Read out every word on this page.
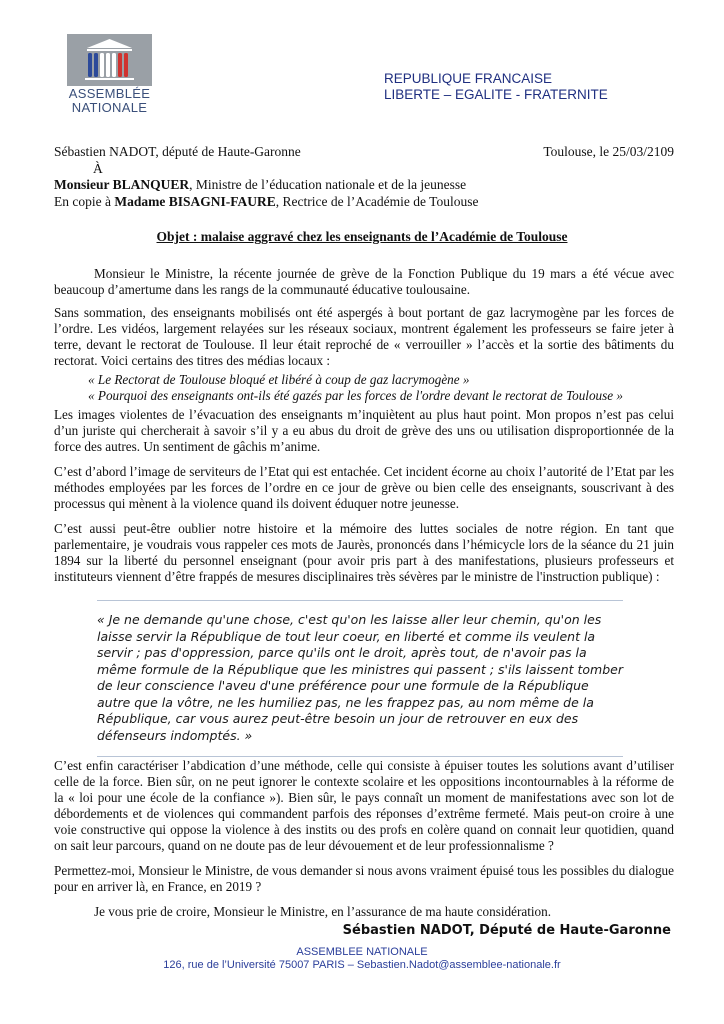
ASSEMBLÉE
NATIONALE
REPUBLIQUE FRANCAISE
LIBERTE – EGALITE - FRATERNITE
Sébastien NADOT, député de Haute-Garonne	Toulouse, le 25/03/2109
À
Monsieur BLANQUER, Ministre de l’éducation nationale et de la jeunesse
En copie à Madame BISAGNI-FAURE, Rectrice de l’Académie de Toulouse
Objet : malaise aggravé chez les enseignants de l’Académie de Toulouse

Monsieur le Ministre, la récente journée de grève de la Fonction Publique du 19 mars a été vécue avec beaucoup d’amertume dans les rangs de la communauté éducative toulousaine.

Sans sommation, des enseignants mobilisés ont été aspergés à bout portant de gaz lacrymogène par les forces de l’ordre. Les vidéos, largement relayées sur les réseaux sociaux, montrent également les professeurs se faire jeter à terre, devant le rectorat de Toulouse. Il leur était reproché de « verrouiller » l’accès et la sortie des bâtiments du rectorat. Voici certains des titres des médias locaux :

« Le Rectorat de Toulouse bloqué et libéré à coup de gaz lacrymogène »

« Pourquoi des enseignants ont-ils été gazés par les forces de l'ordre devant le rectorat de Toulouse »

Les images violentes de l’évacuation des enseignants m’inquiètent au plus haut point. Mon propos n’est pas celui d’un juriste qui chercherait à savoir s’il y a eu abus du droit de grève des uns ou utilisation disproportionnée de la force des autres. Un sentiment de gâchis m’anime.

C’est d’abord l’image de serviteurs de l’Etat qui est entachée. Cet incident écorne au choix l’autorité de l’Etat par les méthodes employées par les forces de l’ordre en ce jour de grève ou bien celle des enseignants, souscrivant à des processus qui mènent à la violence quand ils doivent éduquer notre jeunesse.

C’est aussi peut-être oublier notre histoire et la mémoire des luttes sociales de notre région. En tant que parlementaire, je voudrais vous rappeler ces mots de Jaurès, prononcés dans l’hémicycle lors de la séance du 21 juin 1894 sur la liberté du personnel enseignant (pour avoir pris part à des manifestations, plusieurs professeurs et instituteurs viennent d’être frappés de mesures disciplinaires très sévères par le ministre de l'instruction publique) :

« Je ne demande qu'une chose, c'est qu'on les laisse aller leur chemin, qu'on les laisse servir la République de tout leur coeur, en liberté et comme ils veulent la servir ; pas d'oppression, parce qu'ils ont le droit, après tout, de n'avoir pas la même formule de la République que les ministres qui passent ; s'ils laissent tomber de leur conscience l'aveu d'une préférence pour une formule de la République autre que la vôtre, ne les humiliez pas, ne les frappez pas, au nom même de la République, car vous aurez peut-être besoin un jour de retrouver en eux des défenseurs indomptés. »

C’est enfin caractériser l’abdication d’une méthode, celle qui consiste à épuiser toutes les solutions avant d’utiliser celle de la force. Bien sûr, on ne peut ignorer le contexte scolaire et les oppositions incontournables à la réforme de la « loi pour une école de la confiance »). Bien sûr, le pays connaît un moment de manifestations avec son lot de débordements et de violences qui commandent parfois des réponses d’extrême fermeté. Mais peut-on croire à une voie constructive qui oppose la violence à des instits ou des profs en colère quand on connait leur quotidien, quand on sait leur parcours, quand on ne doute pas de leur dévouement et de leur professionnalisme ?

Permettez-moi, Monsieur le Ministre, de vous demander si nous avons vraiment épuisé tous les possibles du dialogue pour en arriver là, en France, en 2019 ?

Je vous prie de croire, Monsieur le Ministre, en l’assurance de ma haute considération.

Sébastien NADOT, Député de Haute-Garonne
ASSEMBLEE NATIONALE
126, rue de l’Université 75007 PARIS – Sebastien.Nadot@assemblee-nationale.fr
